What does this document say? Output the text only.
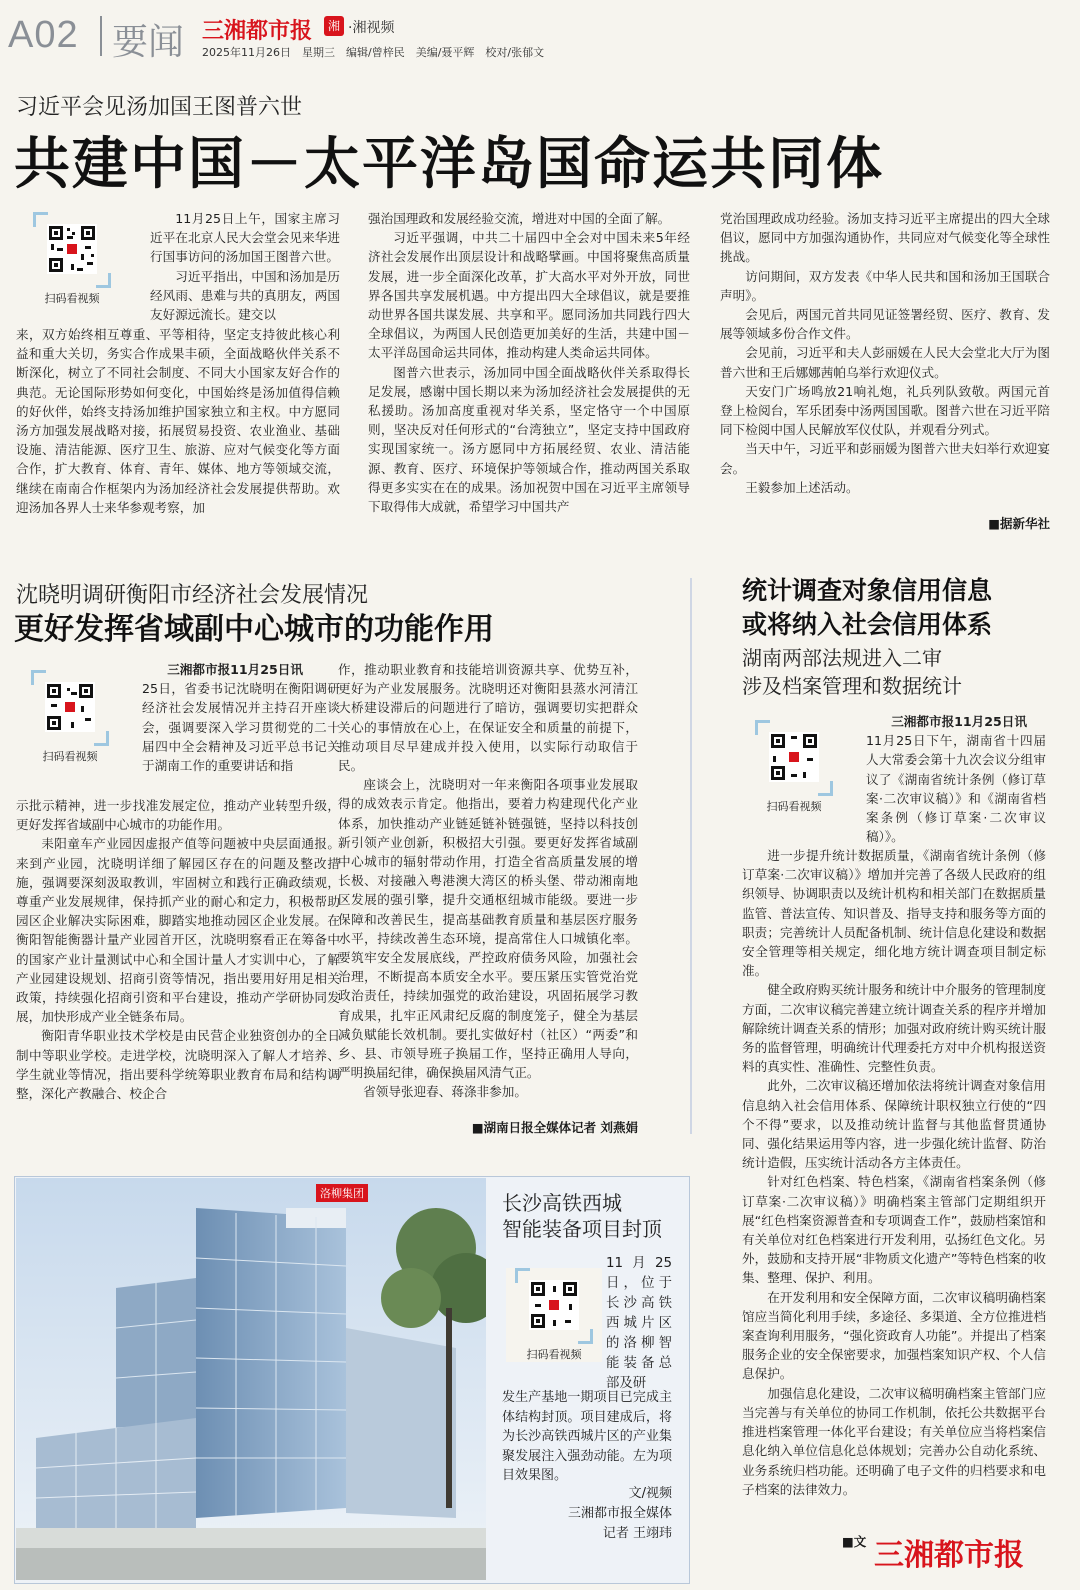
A02 要闻 三湘都市报	湘 ·湘视频
2025年11月26日　星期三　编辑/曾梓民　美编/聂平辉　校对/张郁文
习近平会见汤加国王图普六世
共建中国－太平洋岛国命运共同体
扫码看视频

11月25日上午，国家主席习近平在北京人民大会堂会见来华进行国事访问的汤加国王图普六世。

习近平指出，中国和汤加是历经风雨、患难与共的真朋友，两国友好源远流长。建交以

来，双方始终相互尊重、平等相待，坚定支持彼此核心利益和重大关切，务实合作成果丰硕，全面战略伙伴关系不断深化，树立了不同社会制度、不同大小国家友好合作的典范。无论国际形势如何变化，中国始终是汤加值得信赖的好伙伴，始终支持汤加维护国家独立和主权。中方愿同汤方加强发展战略对接，拓展贸易投资、农业渔业、基础设施、清洁能源、医疗卫生、旅游、应对气候变化等方面合作，扩大教育、体育、青年、媒体、地方等领域交流，继续在南南合作框架内为汤加经济社会发展提供帮助。欢迎汤加各界人士来华参观考察，加

强治国理政和发展经验交流，增进对中国的全面了解。

习近平强调，中共二十届四中全会对中国未来5年经济社会发展作出顶层设计和战略擘画。中国将聚焦高质量发展，进一步全面深化改革，扩大高水平对外开放，同世界各国共享发展机遇。中方提出四大全球倡议，就是要推动世界各国共谋发展、共享和平。愿同汤加共同践行四大全球倡议，为两国人民创造更加美好的生活，共建中国－太平洋岛国命运共同体，推动构建人类命运共同体。

图普六世表示，汤加同中国全面战略伙伴关系取得长足发展，感谢中国长期以来为汤加经济社会发展提供的无私援助。汤加高度重视对华关系，坚定恪守一个中国原则，坚决反对任何形式的“台湾独立”，坚定支持中国政府实现国家统一。汤方愿同中方拓展经贸、农业、清洁能源、教育、医疗、环境保护等领域合作，推动两国关系取得更多实实在在的成果。汤加祝贺中国在习近平主席领导下取得伟大成就，希望学习中国共产

党治国理政成功经验。汤加支持习近平主席提出的四大全球倡议，愿同中方加强沟通协作，共同应对气候变化等全球性挑战。

访问期间，双方发表《中华人民共和国和汤加王国联合声明》。

会见后，两国元首共同见证签署经贸、医疗、教育、发展等领域多份合作文件。

会见前，习近平和夫人彭丽媛在人民大会堂北大厅为图普六世和王后娜娜茜帕乌举行欢迎仪式。

天安门广场鸣放21响礼炮，礼兵列队致敬。两国元首登上检阅台，军乐团奏中汤两国国歌。图普六世在习近平陪同下检阅中国人民解放军仪仗队，并观看分列式。

当天中午，习近平和彭丽媛为图普六世夫妇举行欢迎宴会。

王毅参加上述活动。

■据新华社
沈晓明调研衡阳市经济社会发展情况
更好发挥省域副中心城市的功能作用
扫码看视频

三湘都市报11月25日讯

25日，省委书记沈晓明在衡阳调研经济社会发展情况并主持召开座谈会，强调要深入学习贯彻党的二十届四中全会精神及习近平总书记关于湖南工作的重要讲话和指

示批示精神，进一步找准发展定位，推动产业转型升级，更好发挥省域副中心城市的功能作用。

耒阳童车产业园因虚报产值等问题被中央层面通报。来到产业园，沈晓明详细了解园区存在的问题及整改措施，强调要深刻汲取教训，牢固树立和践行正确政绩观，尊重产业发展规律，保持抓产业的耐心和定力，积极帮助园区企业解决实际困难，脚踏实地推动园区企业发展。在衡阳智能衡器计量产业园首开区，沈晓明察看正在筹备中的国家产业计量测试中心和全国计量人才实训中心，了解产业园建设规划、招商引资等情况，指出要用好用足相关政策，持续强化招商引资和平台建设，推动产学研协同发展，加快形成产业全链条布局。

衡阳青华职业技术学校是由民营企业独资创办的全日制中等职业学校。走进学校，沈晓明深入了解人才培养、学生就业等情况，指出要科学统筹职业教育布局和结构调整，深化产教融合、校企合

作，推动职业教育和技能培训资源共享、优势互补，更好为产业发展服务。沈晓明还对衡阳县蒸水河清江大桥建设滞后的问题进行了暗访，强调要切实把群众关心的事情放在心上，在保证安全和质量的前提下，推动项目尽早建成并投入使用，以实际行动取信于民。

座谈会上，沈晓明对一年来衡阳各项事业发展取得的成效表示肯定。他指出，要着力构建现代化产业体系，加快推动产业链延链补链强链，坚持以科技创新引领产业创新，积极招大引强。要更好发挥省域副中心城市的辐射带动作用，打造全省高质量发展的增长极、对接融入粤港澳大湾区的桥头堡、带动湘南地区发展的强引擎，提升交通枢纽城市能级。要进一步保障和改善民生，提高基础教育质量和基层医疗服务水平，持续改善生态环境，提高常住人口城镇化率。要筑牢安全发展底线，严控政府债务风险，加强社会治理，不断提高本质安全水平。要压紧压实管党治党政治责任，持续加强党的政治建设，巩固拓展学习教育成果，扎牢正风肃纪反腐的制度笼子，健全为基层减负赋能长效机制。要扎实做好村（社区）“两委”和乡、县、市领导班子换届工作，坚持正确用人导向，严明换届纪律，确保换届风清气正。

省领导张迎春、蒋涤非参加。

■湖南日报全媒体记者 刘燕娟
统计调查对象信用信息
或将纳入社会信用体系
湖南两部法规进入二审
涉及档案管理和数据统计
扫码看视频

三湘都市报11月25日讯

11月25日下午，湖南省十四届人大常委会第十九次会议分组审议了《湖南省统计条例（修订草案·二次审议稿）》和《湖南省档案条例（修订草案·二次审议稿）》。

进一步提升统计数据质量，《湖南省统计条例（修订草案·二次审议稿）》增加并完善了各级人民政府的组织领导、协调职责以及统计机构和相关部门在数据质量监管、普法宣传、知识普及、指导支持和服务等方面的职责；完善统计人员配备机制、统计信息化建设和数据安全管理等相关规定，细化地方统计调查项目制定标准。

健全政府购买统计服务和统计中介服务的管理制度方面，二次审议稿完善建立统计调查关系的程序并增加解除统计调查关系的情形；加强对政府统计购买统计服务的监督管理，明确统计代理委托方对中介机构报送资料的真实性、准确性、完整性负责。

此外，二次审议稿还增加依法将统计调查对象信用信息纳入社会信用体系、保障统计职权独立行使的“四个不得”要求，以及推动统计监督与其他监督贯通协同、强化结果运用等内容，进一步强化统计监督、防治统计造假，压实统计活动各方主体责任。

针对红色档案、特色档案，《湖南省档案条例（修订草案·二次审议稿）》明确档案主管部门定期组织开展“红色档案资源普查和专项调查工作”，鼓励档案馆和有关单位对红色档案进行开发利用，弘扬红色文化。另外，鼓励和支持开展“非物质文化遗产”等特色档案的收集、整理、保护、利用。

在开发利用和安全保障方面，二次审议稿明确档案馆应当简化利用手续，多途径、多渠道、全方位推进档案查询利用服务，“强化资政育人功能”。并提出了档案服务企业的安全保密要求，加强档案知识产权、个人信息保护。

加强信息化建设，二次审议稿明确档案主管部门应当完善与有关单位的协同工作机制，依托公共数据平台推进档案管理一体化平台建设；有关单位应当将档案信息化纳入单位信息化总体规划；完善办公自动化系统、业务系统归档功能。还明确了电子文件的归档要求和电子档案的法律效力。

■文
洛柳集团	长沙高铁西城
智能装备项目封顶
扫码看视频

11月25日，位于长沙高铁西城片区的洛柳智能装备总部及研

发生产基地一期项目已完成主体结构封顶。项目建成后，将为长沙高铁西城片区的产业集聚发展注入强劲动能。左为项目效果图。

文/视频
三湘都市报全媒体
记者 王翊玮
三湘都市报
